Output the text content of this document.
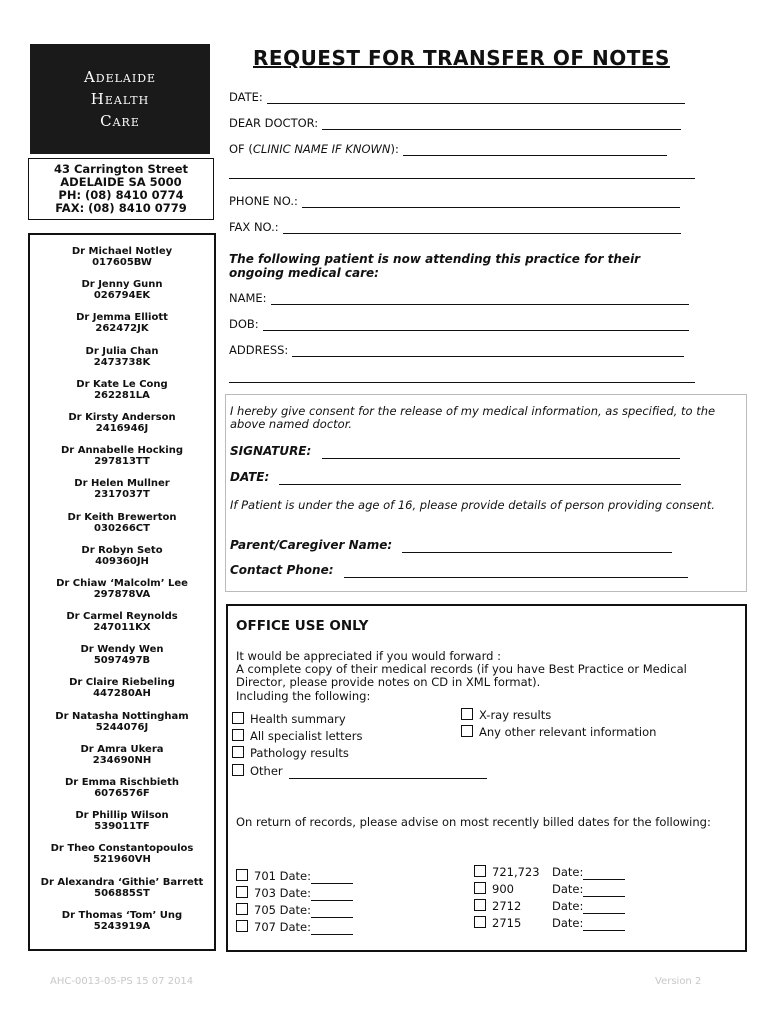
Adelaide
Health
Care
43 Carrington Street
ADELAIDE SA 5000
PH: (08) 8410 0774
FAX: (08) 8410 0779
Dr Michael Notley
017605BW
Dr Jenny Gunn
026794EK
Dr Jemma Elliott
262472JK
Dr Julia Chan
2473738K
Dr Kate Le Cong
262281LA
Dr Kirsty Anderson
2416946J
Dr Annabelle Hocking
297813TT
Dr Helen Mullner
2317037T
Dr Keith Brewerton
030266CT
Dr Robyn Seto
409360JH
Dr Chiaw ‘Malcolm’ Lee
297878VA
Dr Carmel Reynolds
247011KX
Dr Wendy Wen
5097497B
Dr Claire Riebeling
447280AH
Dr Natasha Nottingham
5244076J
Dr Amra Ukera
234690NH
Dr Emma Rischbieth
6076576F
Dr Phillip Wilson
539011TF
Dr Theo Constantopoulos
521960VH
Dr Alexandra ‘Githie’ Barrett
506885ST
Dr Thomas ‘Tom’ Ung
5243919A
REQUEST FOR TRANSFER OF NOTES
DATE:
DEAR DOCTOR:
OF ( CLINIC NAME IF KNOWN ):
PHONE NO.:
FAX NO.:
The following patient is now attending this practice for their ongoing medical care:
NAME:
DOB:
ADDRESS:
I hereby give consent for the release of my medical information, as specified, to the above named doctor.
SIGNATURE:
DATE:
If Patient is under the age of 16, please provide details of person providing consent.
Parent/Caregiver Name:
Contact Phone:
OFFICE USE ONLY
It would be appreciated if you would forward :
A complete copy of their medical records (if you have Best Practice or Medical Director, please provide notes on CD in XML format).
Including the following:
Health summary
All specialist letters
Pathology results
Other
X-ray results
Any other relevant information
On return of records, please advise on most recently billed dates for the following:
701 Date:
703 Date:
705 Date:
707 Date:
721,723 Date:
900	Date:
2712	Date:
2715	Date:
AHC-0013-05-PS 15 07 2014	Version 2
